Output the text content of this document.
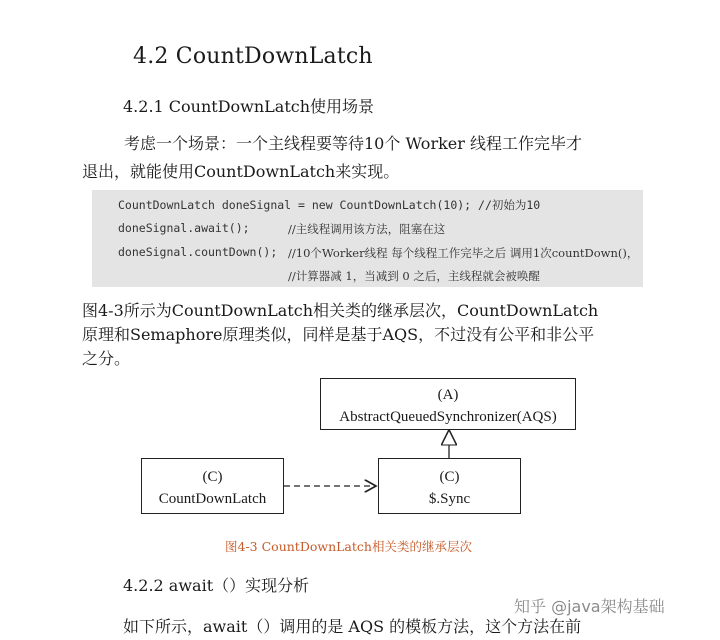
4.2 CountDownLatch
4.2.1 CountDownLatch使用场景
考虑一个场景：一个主线程要等待10个 Worker 线程工作完毕才
退出，就能使用CountDownLatch来实现。
CountDownLatch doneSignal = new CountDownLatch(10); //初始为10
doneSignal.await();	//主线程调用该方法，阻塞在这
doneSignal.countDown(); //10个Worker线程 每个线程工作完毕之后 调用1次countDown()，
//计算器减 1，当减到 0 之后，主线程就会被唤醒
图4-3所示为CountDownLatch相关类的继承层次，CountDownLatch
原理和Semaphore原理类似，同样是基于AQS，不过没有公平和非公平
之分。
(A)
AbstractQueuedSynchronizer(AQS)
(C)
CountDownLatch
(C)
$.Sync
图4-3 CountDownLatch相关类的继承层次
4.2.2 await（）实现分析
知乎 @java架构基础
如下所示，await（）调用的是 AQS 的模板方法，这个方法在前
